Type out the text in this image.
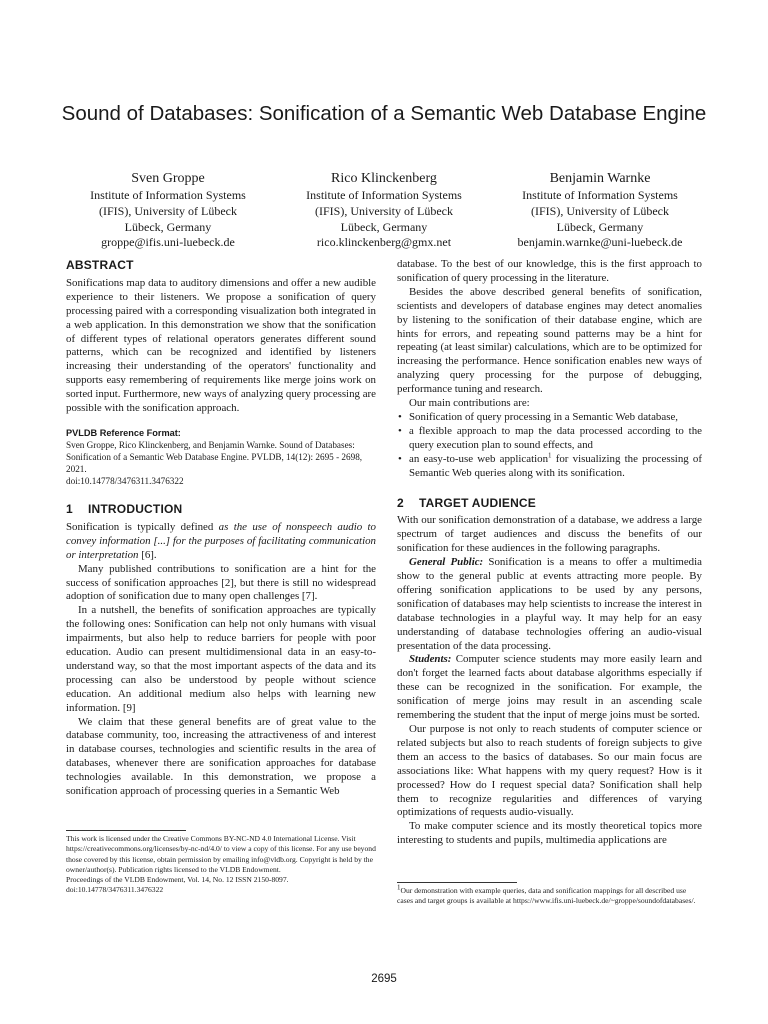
Sound of Databases: Sonification of a Semantic Web Database Engine
Sven Groppe
Institute of Information Systems
(IFIS), University of Lübeck
Lübeck, Germany
groppe@ifis.uni-luebeck.de
Rico Klinckenberg
Institute of Information Systems
(IFIS), University of Lübeck
Lübeck, Germany
rico.klinckenberg@gmx.net
Benjamin Warnke
Institute of Information Systems
(IFIS), University of Lübeck
Lübeck, Germany
benjamin.warnke@uni-luebeck.de
ABSTRACT

Sonifications map data to auditory dimensions and offer a new audible experience to their listeners. We propose a sonification of query processing paired with a corresponding visualization both integrated in a web application. In this demonstration we show that the sonification of different types of relational operators generates different sound patterns, which can be recognized and identified by listeners increasing their understanding of the operators' functionality and supports easy remembering of requirements like merge joins work on sorted input. Furthermore, new ways of analyzing query processing are possible with the sonification approach.

PVLDB Reference Format:
Sven Groppe, Rico Klinckenberg, and Benjamin Warnke. Sound of Databases: Sonification of a Semantic Web Database Engine. PVLDB, 14(12): 2695 - 2698, 2021.
doi:10.14778/3476311.3476322
1 INTRODUCTION

Sonification is typically defined as the use of nonspeech audio to convey information [...] for the purposes of facilitating communication or interpretation [6].

Many published contributions to sonification are a hint for the success of sonification approaches [2], but there is still no widespread adoption of sonification due to many open challenges [7].

In a nutshell, the benefits of sonification approaches are typically the following ones: Sonification can help not only humans with visual impairments, but also help to reduce barriers for people with poor education. Audio can present multidimensional data in an easy-to-understand way, so that the most important aspects of the data and its processing can also be understood by people without science education. An additional medium also helps with learning new information. [9]

We claim that these general benefits are of great value to the database community, too, increasing the attractiveness of and interest in database courses, technologies and scientific results in the area of databases, whenever there are sonification approaches for database technologies available. In this demonstration, we propose a sonification approach of processing queries in a Semantic Web

database. To the best of our knowledge, this is the first approach to sonification of query processing in the literature.

Besides the above described general benefits of sonification, scientists and developers of database engines may detect anomalies by listening to the sonification of their database engine, which are hints for errors, and repeating sound patterns may be a hint for repeating (at least similar) calculations, which are to be optimized for increasing the performance. Hence sonification enables new ways of analyzing query processing for the purpose of debugging, performance tuning and research.

Our main contributions are:

• Sonification of query processing in a Semantic Web database,
• a flexible approach to map the data processed according to the query execution plan to sound effects, and
• an easy-to-use web application$^1$ for visualizing the processing of Semantic Web queries along with its sonification.
2 TARGET AUDIENCE

With our sonification demonstration of a database, we address a large spectrum of target audiences and discuss the benefits of our sonification for these audiences in the following paragraphs.

General Public: Sonification is a means to offer a multimedia show to the general public at events attracting more people. By offering sonification applications to be used by any persons, sonification of databases may help scientists to increase the interest in database technologies in a playful way. It may help for an easy understanding of database technologies offering an audio-visual presentation of the data processing.

Students: Computer science students may more easily learn and don't forget the learned facts about database algorithms especially if these can be recognized in the sonification. For example, the sonification of merge joins may result in an ascending scale remembering the student that the input of merge joins must be sorted.

Our purpose is not only to reach students of computer science or related subjects but also to reach students of foreign subjects to give them an access to the basics of databases. So our main focus are associations like: What happens with my query request? How is it processed? How do I request special data? Sonification shall help them to recognize regularities and differences of varying optimizations of requests audio-visually.

To make computer science and its mostly theoretical topics more interesting to students and pupils, multimedia applications are

This work is licensed under the Creative Commons BY-NC-ND 4.0 International License. Visit https://creativecommons.org/licenses/by-nc-nd/4.0/ to view a copy of this license. For any use beyond those covered by this license, obtain permission by emailing info@vldb.org. Copyright is held by the owner/author(s). Publication rights licensed to the VLDB Endowment.

Proceedings of the VLDB Endowment, Vol. 14, No. 12 ISSN 2150-8097.

doi:10.14778/3476311.3476322	$^1$Our demonstration with example queries, data and sonification mappings for all described use cases and target groups is available at https://www.ifis.uni-luebeck.de/~groppe/soundofdatabases/.

2695
